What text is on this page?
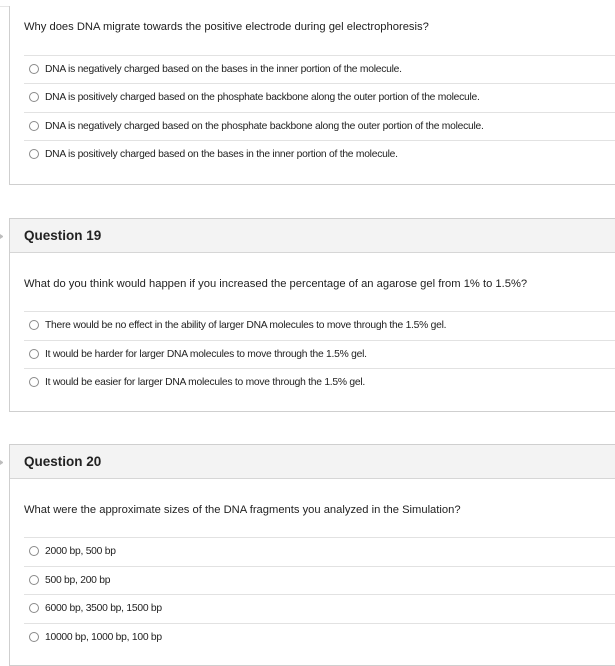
Why does DNA migrate towards the positive electrode during gel electrophoresis?
DNA is negatively charged based on the bases in the inner portion of the molecule.
DNA is positively charged based on the phosphate backbone along the outer portion of the molecule.
DNA is negatively charged based on the phosphate backbone along the outer portion of the molecule.
DNA is positively charged based on the bases in the inner portion of the molecule.
Question 19
What do you think would happen if you increased the percentage of an agarose gel from 1% to 1.5%?
There would be no effect in the ability of larger DNA molecules to move through the 1.5% gel.
It would be harder for larger DNA molecules to move through the 1.5% gel.
It would be easier for larger DNA molecules to move through the 1.5% gel.
Question 20
What were the approximate sizes of the DNA fragments you analyzed in the Simulation?
2000 bp, 500 bp
500 bp, 200 bp
6000 bp, 3500 bp, 1500 bp
10000 bp, 1000 bp, 100 bp
